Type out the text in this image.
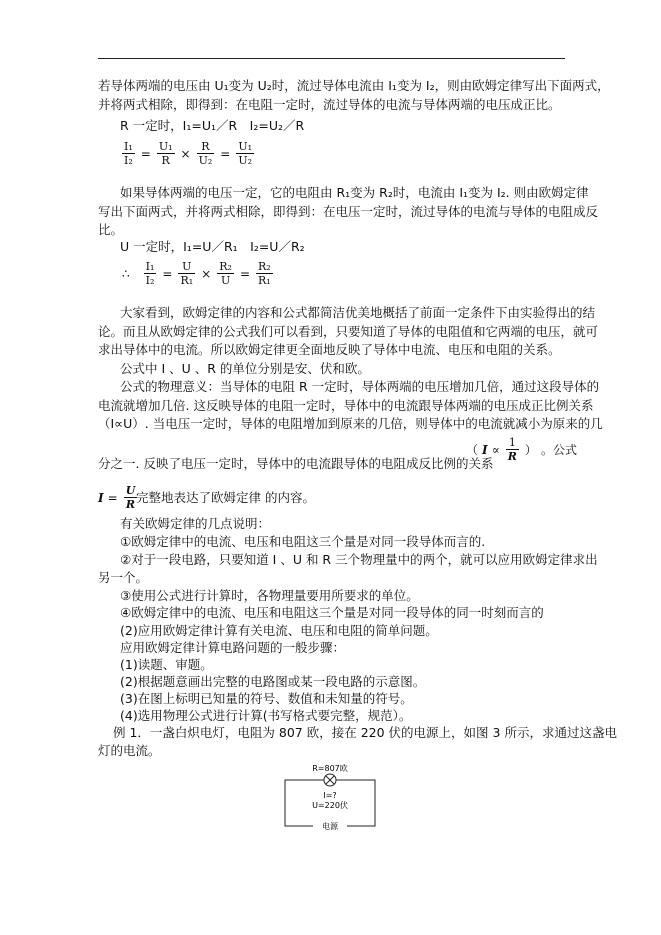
若导体两端的电压由 U₁变为 U₂时，流过导体电流由 I₁变为 I₂，则由欧姆定律写出下面两式，
并将两式相除，即得到：在电阻一定时，流过导体的电流与导体两端的电压成正比。
R 一定时，I₁=U₁／R　I₂=U₂／R
$\frac{\text{I₁}}{\text{I₂}} = \frac{\text{U₁}}{R} \times \frac{R}{\text{U₂}} = \frac{\text{U₁}}{\text{U₂}}$
如果导体两端的电压一定，它的电阻由 R₁变为 R₂时，电流由 I₁变为 I₂. 则由欧姆定律
写出下面两式，并将两式相除，即得到：在电压一定时，流过导体的电流与导体的电阻成反
比。
U 一定时，I₁=U／R₁　I₂=U／R₂
∴ $\frac{\text{I₁}}{\text{I₂}} = \frac{U}{\text{R₁}} \times \frac{\text{R₂}}{U} = \frac{\text{R₂}}{\text{R₁}}$
大家看到，欧姆定律的内容和公式都简洁优美地概括了前面一定条件下由实验得出的结
论。而且从欧姆定律的公式我们可以看到，只要知道了导体的电阻值和它两端的电压，就可
求出导体中的电流。所以欧姆定律更全面地反映了导体中电流、电压和电阻的关系。
公式中 I 、U 、R 的单位分别是安、伏和欧。
公式的物理意义：当导体的电阻 R 一定时，导体两端的电压增加几倍，通过这段导体的
电流就增加几倍. 这反映导体的电阻一定时，导体中的电流跟导体两端的电压成正比例关系
（I∝U）. 当电压一定时，导体的电阻增加到原来的几倍，则导体中的电流就减小为原来的几
（ I ∝ 1
R ） 。公式
分之一. 反映了电压一定时，导体中的电流跟导体的电阻成反比例的关系
$I = \frac{U}{R}$
完整地表达了欧姆定律 的内容。
有关欧姆定律的几点说明：
①欧姆定律中的电流、电压和电阻这三个量是对同一段导体而言的.
②对于一段电路，只要知道 I 、U 和 R 三个物理量中的两个，就可以应用欧姆定律求出
另一个。
③使用公式进行计算时，各物理量要用所要求的单位。
④欧姆定律中的电流、电压和电阻这三个量是对同一段导体的同一时刻而言的
(2)应用欧姆定律计算有关电流、电压和电阻的简单问题。
应用欧姆定律计算电路问题的一般步骤：
(1)读题、审题。
(2)根据题意画出完整的电路图或某一段电路的示意图。
(3)在图上标明已知量的符号、数值和未知量的符号。
(4)选用物理公式进行计算(书写格式要完整，规范）。
例 1．一盏白炽电灯，电阻为 807 欧，接在 220 伏的电源上，如图 3 所示，求通过这盏电
灯的电流。
R=807欧
I=?
U=220伏
电源
